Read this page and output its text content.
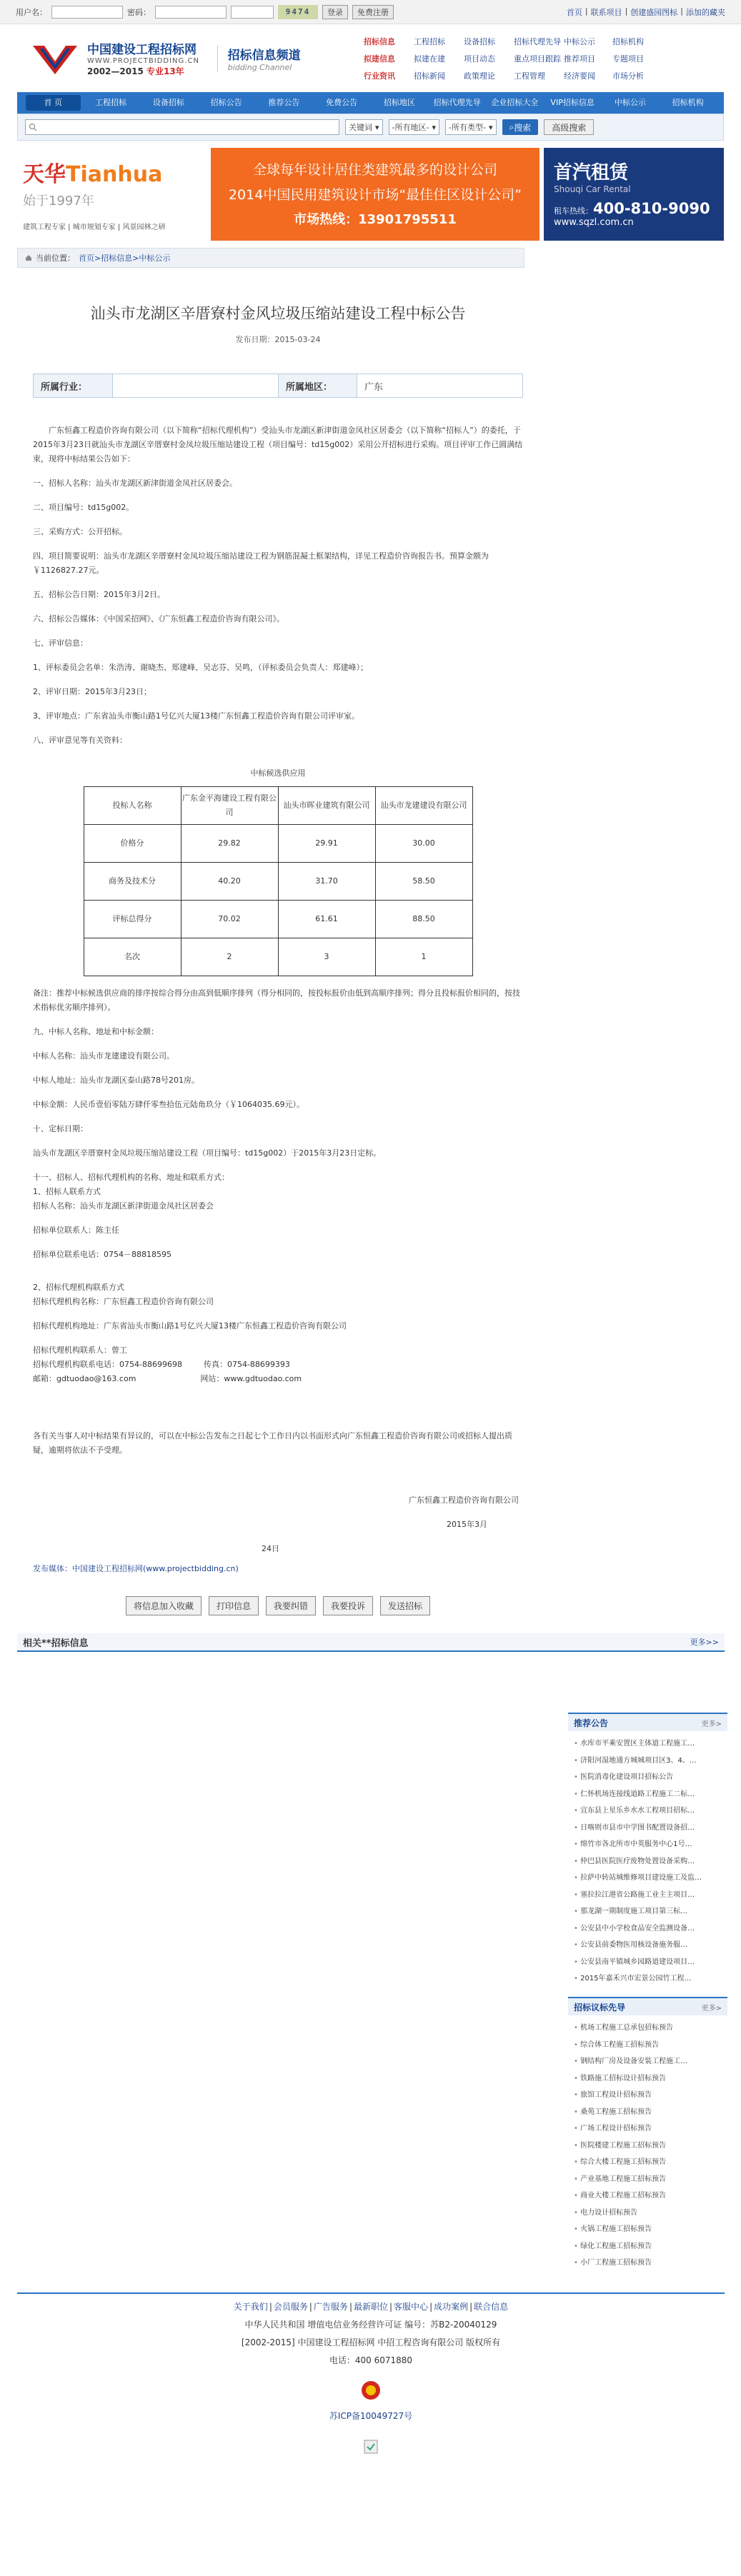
用户名：	密码：	9474	登录	免费注册	首页 | 联系项目 | 创建盛园图标 | 添加的藏夹
中国建设工程招标网
WWW.PROJECTBIDDING.CN
2002—2015 专业13年
招标信息频道
bidding Channel
招标信息	工程招标	设备招标	招标代理先导 中标公示	招标机构
拟建信息	拟建在建	项目动态	重点项目跟踪 推荐项目	专题项目
行业资讯	招标新闻	政策理论	工程管理	经济要闻	市场分析
首 页	工程招标	设备招标	招标公告	推荐公告	免费公告	招标地区	招标代理先导	企业招标大全	VIP招标信息	中标公示	招标机构
关键词 ▾	-所有地区- ▾	-所有类型- ▾	⌕ 搜索	高级搜索
天华Tianhua
始于1997年
建筑工程专家 | 城市规划专家 | 风景园林之研
全球每年设计居住类建筑最多的设计公司
2014中国民用建筑设计市场“最佳住区设计公司”
市场热线：13901795511
首汽租赁
Shouqi Car Rental
租车热线：400-810-9090
www.sqzl.com.cn
当前位置： 首页>招标信息>中标公示
汕头市龙湖区辛厝寮村金风垃圾压缩站建设工程中标公告
发布日期：2015-03-24
所属行业：	所属地区：	广东

广东恒鑫工程造价咨询有限公司（以下简称“招标代理机构”）受汕头市龙湖区新津街道金凤社区居委会（以下简称“招标人”）的委托，于2015年3月23日就汕头市龙湖区辛厝寮村金凤垃圾压缩站建设工程（项目编号：td15g002）采用公开招标进行采购。项目评审工作已圆满结束，现将中标结果公告如下：

一、招标人名称：汕头市龙湖区新津街道金凤社区居委会。

二、项目编号：td15g002。

三、采购方式：公开招标。

四、项目简要说明：汕头市龙湖区辛厝寮村金凤垃圾压缩站建设工程为钢筋混凝土框架结构，详见工程造价咨询报告书。预算金额为￥1126827.27元。

五、招标公告日期：2015年3月2日。

六、招标公告媒体：《中国采招网》、《广东恒鑫工程造价咨询有限公司》。

七、评审信息：

1、评标委员会名单：朱浩涛、谢晓杰、郑建峰、吴志芬、吴鸣，（评标委员会负责人：郑建峰）；

2、评审日期：2015年3月23日；

3、评审地点：广东省汕头市衡山路1号亿兴大厦13楼广东恒鑫工程造价咨询有限公司评审室。

八、评审意见等有关资料：

中标候选供应用

投标人名称	广东金平海建设工程有限公司	汕头市晖业建筑有限公司	汕头市龙建建设有限公司
价格分	29.82	29.91	30.00
商务及技术分	40.20	31.70	58.50
评标总得分	70.02	61.61	88.50
名次	2	3	1

备注：推荐中标候选供应商的排序按综合得分由高到低顺序排列（得分相同的，按投标报价由低到高顺序排列；得分且投标报价相同的，按技术指标优劣顺序排列）。

九、中标人名称、地址和中标金额：

中标人名称：汕头市龙建建设有限公司。

中标人地址：汕头市龙湖区泰山路78号201房。

中标金额：人民币壹佰零陆万肆仟零叁拾伍元陆角玖分（￥1064035.69元）。

十、定标日期：

汕头市龙湖区辛厝寮村金凤垃圾压缩站建设工程（项目编号：td15g002）于2015年3月23日定标。

十一、招标人、招标代理机构的名称、地址和联系方式：

1、招标人联系方式
招标人名称：汕头市龙湖区新津街道金凤社区居委会

招标单位联系人：陈主任

招标单位联系电话：0754－88818595

2、招标代理机构联系方式

招标代理机构名称：广东恒鑫工程造价咨询有限公司

招标代理机构地址：广东省汕头市衡山路1号亿兴大厦13楼广东恒鑫工程造价咨询有限公司

招标代理机构联系人：曾工

招标代理机构联系电话：0754-88699698	传真：0754-88699393
邮箱：gdtuodao@163.com	网站：www.gdtuodao.com

各有关当事人对中标结果有异议的，可以在中标公告发布之日起七个工作日内以书面形式向广东恒鑫工程造价咨询有限公司或招标人提出质疑，逾期将依法不予受理。

广东恒鑫工程造价咨询有限公司

2015年3月

24日

发布媒体：中国建设工程招标网(www.projectbidding.cn)

将信息加入收藏	打印信息	我要纠错	我要投诉	发送招标
相关**招标信息	更多>>
推荐公告	更多>
• 水库市平乘安置区主体道工程施工…
• 济阳河湿地通方城城项目区3、4、…
• 医院消毒化建设项目招标公告
• 仁怀机场连接线道路工程施工二标…
• 宜东县上星乐乡水水工程项目招标…
• 日喀则市县市中学图书配置设备招…
• 绵竹市各北所市中英服务中心1号…
• 仲巴县医院医疗废物处置设备采购…
• 拉萨中转站城维修项目建设施工及监…
• 塞拉拉江港省公路施工业主主项目…
• 那龙湖一期制度施工项目第三标…
• 公安县中小学校食品安全监测设备…
• 公安县前委物医用核设备施务服…
• 公安县南平镇城乡园路道建设项目…
• 2015年嘉禾兴市宏景公园竹工程…
招标议标先导	更多>
• 机场工程施工总承包招标预告
• 综合体工程施工招标预告
• 钢结构厂房及设备安装工程施工…
• 铁路施工招标设计招标预告
• 旅馆工程设计招标预告
• 桑苑工程施工招标预告
• 广场工程设计招标预告
• 医院楼建工程施工招标预告
• 综合大楼工程施工招标预告
• 产业基地工程施工招标预告
• 商业大楼工程施工招标预告
• 电力设计招标预告
• 火锅工程施工招标预告
• 绿化工程施工招标预告
• 小厂工程施工招标预告
关于我们 | 会员服务 | 广告服务 | 最新职位 | 客服中心 | 成功案例 | 联合信息
中华人民共和国 增值电信业务经营许可证 编号：苏B2-20040129
[2002-2015] 中国建设工程招标网 中招工程咨询有限公司 版权所有
电话：400 6071880
苏ICP备10049727号
